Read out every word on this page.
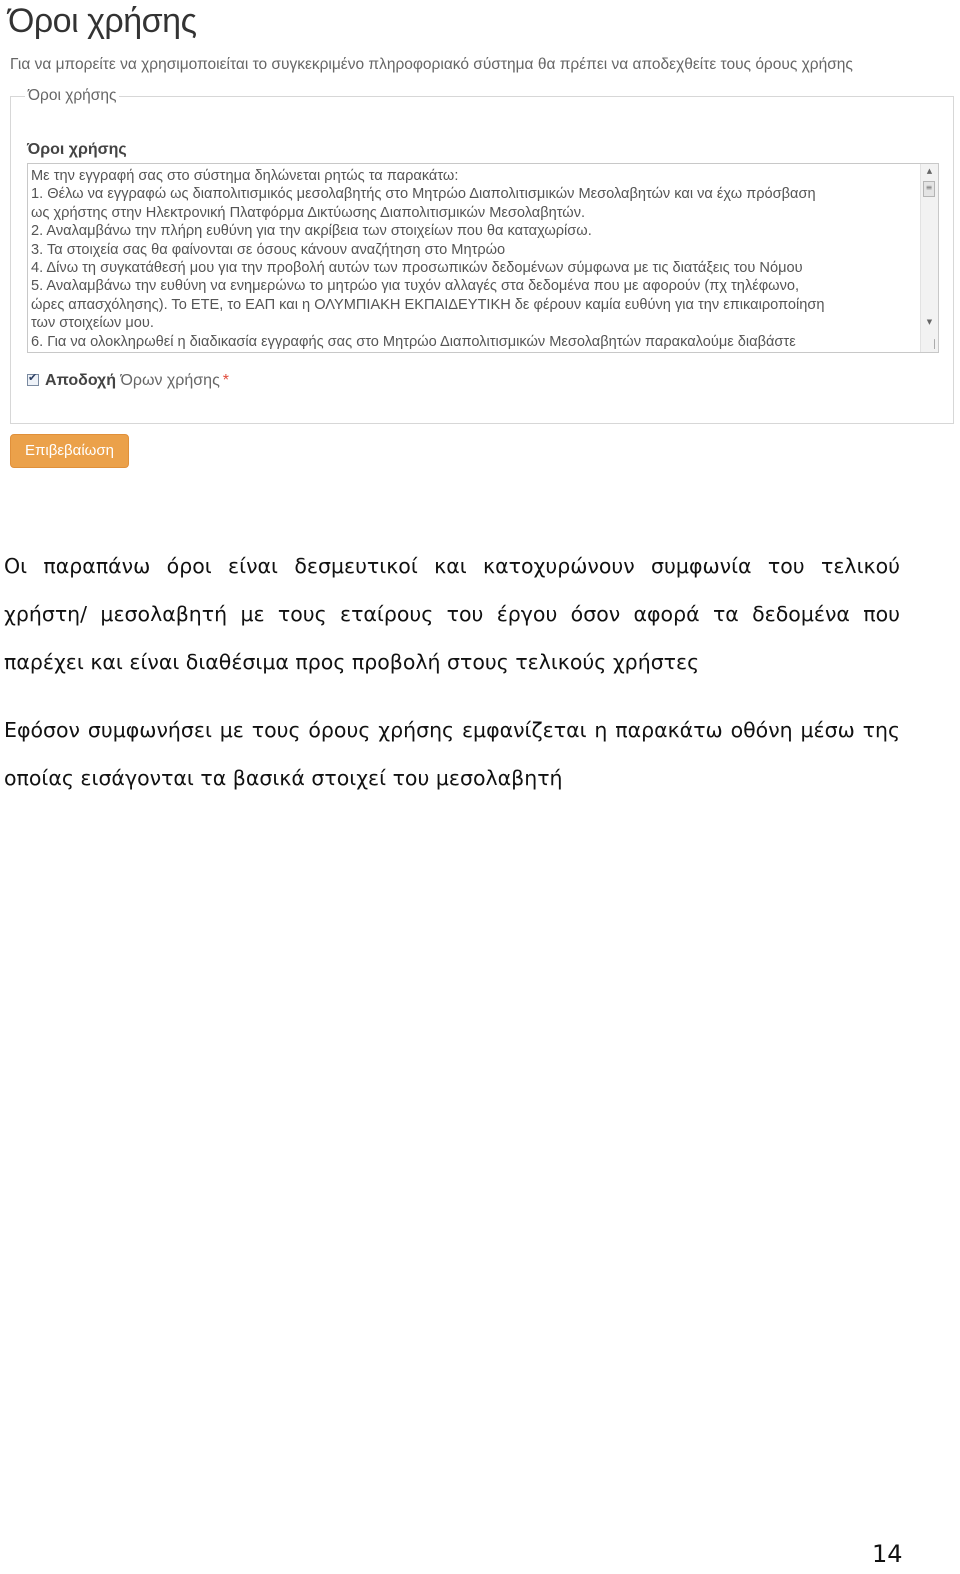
Όροι χρήσης
Για να μπορείτε να χρησιμοποιείται το συγκεκριμένο πληροφοριακό σύστημα θα πρέπει να αποδεχθείτε τους όρους χρήσης
Όροι χρήσης
Όροι χρήσης
Με την εγγραφή σας στο σύστημα δηλώνεται ρητώς τα παρακάτω:
1. Θέλω να εγγραφώ ως διαπολιτισμικός μεσολαβητής στο Μητρώο Διαπολιτισμικών Μεσολαβητών και να έχω πρόσβαση
ως χρήστης στην Ηλεκτρονική Πλατφόρμα Δικτύωσης Διαπολιτισμικών Μεσολαβητών.
2. Αναλαμβάνω την πλήρη ευθύνη για την ακρίβεια των στοιχείων που θα καταχωρίσω.
3. Τα στοιχεία σας θα φαίνονται σε όσους κάνουν αναζήτηση στο Μητρώο
4. Δίνω τη συγκατάθεσή μου για την προβολή αυτών των προσωπικών δεδομένων σύμφωνα με τις διατάξεις του Νόμου
5. Αναλαμβάνω την ευθύνη να ενημερώνω το μητρώο για τυχόν αλλαγές στα δεδομένα που με αφορούν (πχ τηλέφωνο,
ώρες απασχόλησης). Το ΕΤΕ, το ΕΑΠ και η ΟΛΥΜΠΙΑΚΗ ΕΚΠΑΙΔΕΥΤΙΚΗ δε φέρουν καμία ευθύνη για την επικαιροποίηση
των στοιχείων μου.
6. Για να ολοκληρωθεί η διαδικασία εγγραφής σας στο Μητρώο Διαπολιτισμικών Μεσολαβητών παρακαλούμε διαβάστε
▲
≡
▼
∣
✔ Αποδοχή Όρων χρήσης *
Επιβεβαίωση

Οι παραπάνω όροι είναι δεσμευτικοί και κατοχυρώνουν συμφωνία του τελικού χρήστη/ μεσολαβητή με τους εταίρους του έργου όσον αφορά τα δεδομένα που παρέχει και είναι διαθέσιμα προς προβολή στους τελικούς χρήστες

Εφόσον συμφωνήσει με τους όρους χρήσης εμφανίζεται η παρακάτω οθόνη μέσω της οποίας εισάγονται τα βασικά στοιχεί του μεσολαβητή

14
